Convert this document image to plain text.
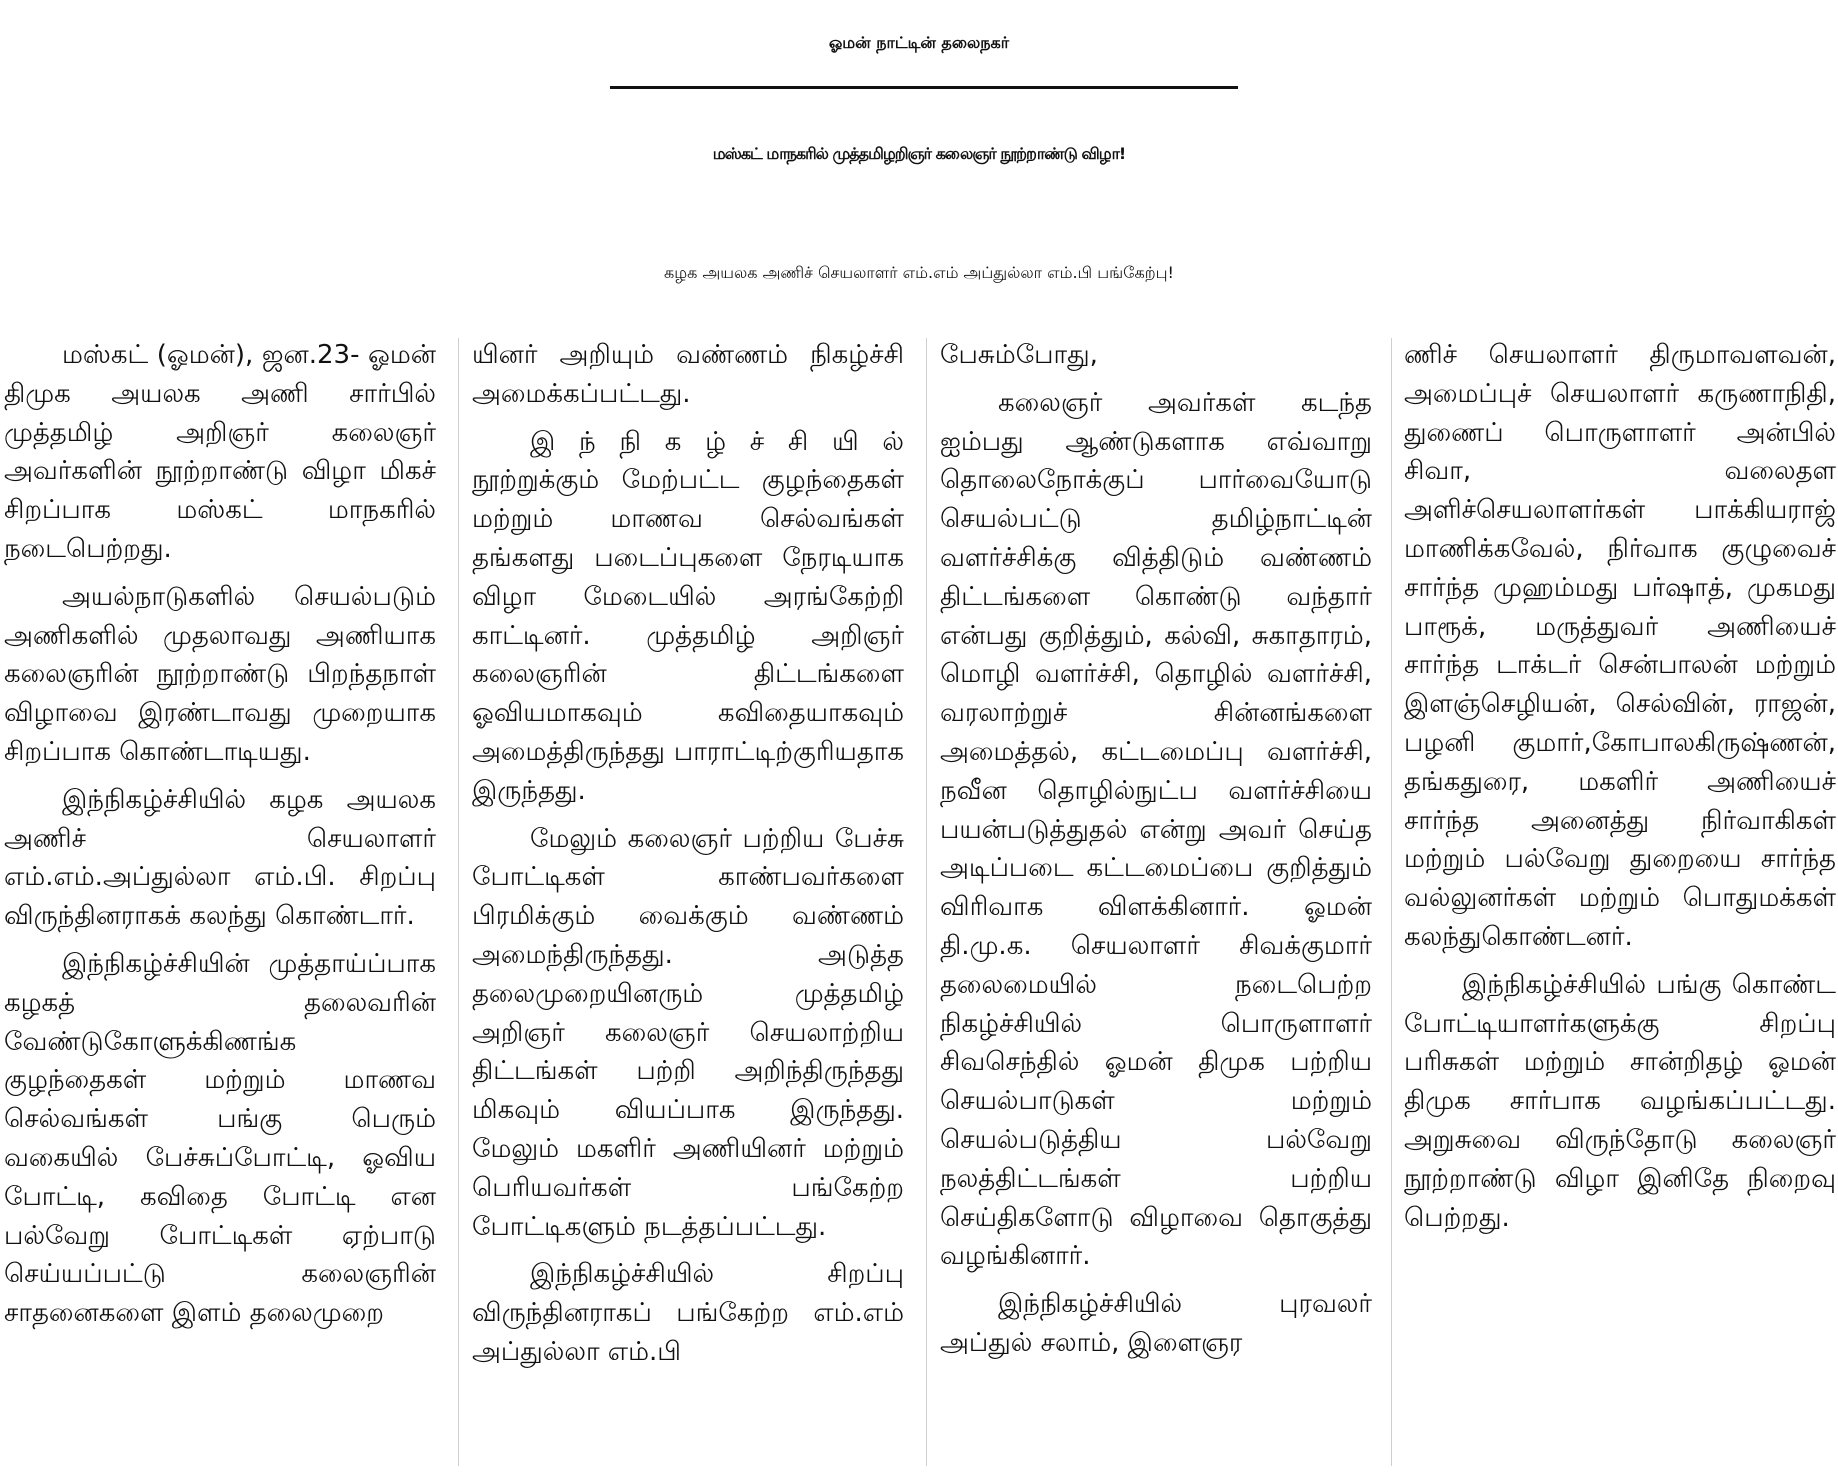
ஓமன் நாட்டின் தலைநகர்
மஸ்கட் மாநகரில் முத்தமிழறிஞர் கலைஞர் நூற்றாண்டு விழா!
கழக அயலக அணிச் செயலாளர் எம்.எம் அப்துல்லா எம்.பி பங்கேற்பு!

மஸ்கட் (ஓமன்), ஜன.23- ஓமன் திமுக அயலக அணி சார்பில் முத்தமிழ் அறிஞர் கலைஞர் அவர்களின் நூற்றாண்டு விழா மிகச் சிறப்பாக மஸ்கட் மாநகரில் நடைபெற்றது.

அயல்நாடுகளில் செயல்படும் அணிகளில் முதலாவது அணியாக கலைஞரின் நூற்றாண்டு பிறந்தநாள் விழாவை இரண்டாவது முறையாக சிறப்பாக கொண்டாடியது.

இந்நிகழ்ச்சியில் கழக அயலக அணிச் செயலாளர் எம்.எம்.அப்துல்லா எம்.பி. சிறப்பு விருந்தினராகக் கலந்து கொண்டார்.

இந்நிகழ்ச்சியின் முத்தாய்ப்பாக கழகத் தலைவரின் வேண்டுகோளுக்கிணங்க குழந்தைகள் மற்றும் மாணவ செல்வங்கள் பங்கு பெரும் வகையில் பேச்சுப்போட்டி, ஓவிய போட்டி, கவிதை போட்டி என பல்வேறு போட்டிகள் ஏற்பாடு செய்யப்பட்டு கலைஞரின் சாதனைகளை இளம் தலைமுறை

யினர் அறியும் வண்ணம் நிகழ்ச்சி அமைக்கப்பட்டது.

இ ந் நி க ழ் ச் சி யி ல் நூற்றுக்கும் மேற்பட்ட குழந்தைகள் மற்றும் மாணவ செல்வங்கள் தங்களது படைப்புகளை நேரடியாக விழா மேடையில் அரங்கேற்றி காட்டினர். முத்தமிழ் அறிஞர் கலைஞரின் திட்டங்களை ஓவியமாகவும் கவிதையாகவும் அமைத்திருந்தது பாராட்டிற்குரியதாக இருந்தது.

மேலும் கலைஞர் பற்றிய பேச்சு போட்டிகள் காண்பவர்களை பிரமிக்கும் வைக்கும் வண்ணம் அமைந்திருந்தது. அடுத்த தலைமுறையினரும் முத்தமிழ் அறிஞர் கலைஞர் செயலாற்றிய திட்டங்கள் பற்றி அறிந்திருந்தது மிகவும் வியப்பாக இருந்தது. மேலும் மகளிர் அணியினர் மற்றும் பெரியவர்கள் பங்கேற்ற போட்டிகளும் நடத்தப்பட்டது.

இந்நிகழ்ச்சியில் சிறப்பு விருந்தினராகப் பங்கேற்ற எம்.எம் அப்துல்லா எம்.பி

பேசும்போது,

கலைஞர் அவர்கள் கடந்த ஐம்பது ஆண்டுகளாக எவ்வாறு தொலைநோக்குப் பார்வையோடு செயல்பட்டு தமிழ்நாட்டின் வளர்ச்சிக்கு வித்திடும் வண்ணம் திட்டங்களை கொண்டு வந்தார் என்பது குறித்தும், கல்வி, சுகாதாரம், மொழி வளர்ச்சி, தொழில் வளர்ச்சி, வரலாற்றுச் சின்னங்களை அமைத்தல், கட்டமைப்பு வளர்ச்சி, நவீன தொழில்நுட்ப வளர்ச்சியை பயன்படுத்துதல் என்று அவர் செய்த அடிப்படை கட்டமைப்பை குறித்தும் விரிவாக விளக்கினார். ஓமன் தி.மு.க. செயலாளர் சிவக்குமார் தலைமையில் நடைபெற்ற நிகழ்ச்சியில் பொருளாளர் சிவசெந்தில் ஓமன் திமுக பற்றிய செயல்பாடுகள் மற்றும் செயல்படுத்திய பல்வேறு நலத்திட்டங்கள் பற்றிய செய்திகளோடு விழாவை தொகுத்து வழங்கினார்.

இந்நிகழ்ச்சியில் புரவலர் அப்துல் சலாம், இளைஞர

ணிச் செயலாளர் திருமாவளவன், அமைப்புச் செயலாளர் கருணாநிதி, துணைப் பொருளாளர் அன்பில் சிவா, வலைதள அளிச்செயலாளர்கள் பாக்கியராஜ் மாணிக்கவேல், நிர்வாக குழுவைச் சார்ந்த முஹம்மது பர்ஷாத், முகமது பாரூக், மருத்துவர் அணியைச் சார்ந்த டாக்டர் சென்பாலன் மற்றும் இளஞ்செழியன், செல்வின், ராஜன், பழனி குமார்,கோபாலகிருஷ்ணன், தங்கதுரை, மகளிர் அணியைச் சார்ந்த அனைத்து நிர்வாகிகள் மற்றும் பல்வேறு துறையை சார்ந்த வல்லுனர்கள் மற்றும் பொதுமக்கள் கலந்துகொண்டனர்.

இந்நிகழ்ச்சியில் பங்கு கொண்ட போட்டியாளர்களுக்கு சிறப்பு பரிசுகள் மற்றும் சான்றிதழ் ஓமன் திமுக சார்பாக வழங்கப்பட்டது. அறுசுவை விருந்தோடு கலைஞர் நூற்றாண்டு விழா இனிதே நிறைவு பெற்றது.
